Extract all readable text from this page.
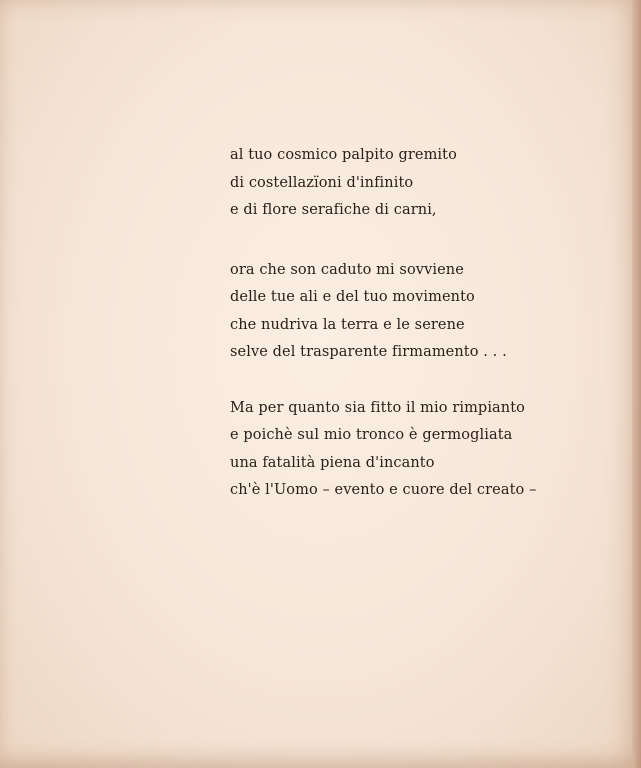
al tuo cosmico palpito gremito
di costellazïoni d'infinito
e di flore serafiche di carni,
ora che son caduto mi sovviene
delle tue ali e del tuo movimento
che nudriva la terra e le serene
selve del trasparente firmamento . . .
Ma per quanto sia fitto il mio rimpianto
e poichè sul mio tronco è germogliata
una fatalità piena d'incanto
ch'è l'Uomo – evento e cuore del creato –
